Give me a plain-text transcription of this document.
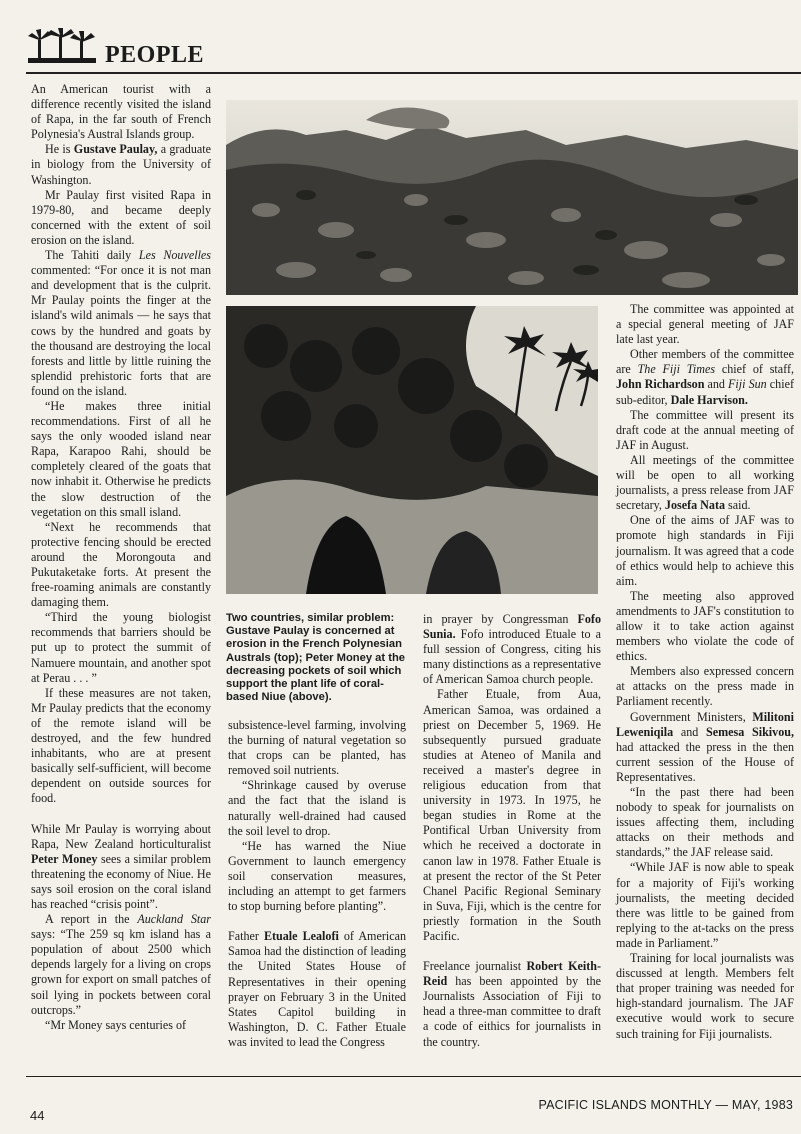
PEOPLE
Two countries, similar problem: Gustave Paulay is concerned at erosion in the French Polynesian Australs (top); Peter Money at the decreasing pockets of soil which support the plant life of coral-based Niue (above).

An American tourist with a difference recently visited the island of Rapa, in the far south of French Polynesia's Austral Islands group.

He is Gustave Paulay, a graduate in biology from the University of Washington.

Mr Paulay first visited Rapa in 1979-80, and became deeply concerned with the extent of soil erosion on the island.

The Tahiti daily Les Nouvelles commented: “For once it is not man and development that is the culprit. Mr Paulay points the finger at the island's wild animals — he says that cows by the hundred and goats by the thousand are destroying the local forests and little by little ruining the splendid prehistoric forts that are found on the island.

“He makes three initial recommendations. First of all he says the only wooded island near Rapa, Karapoo Rahi, should be completely cleared of the goats that now inhabit it. Otherwise he predicts the slow destruction of the vegetation on this small island.

“Next he recommends that protective fencing should be erected around the Morongouta and Pukutaketake forts. At present the free-roaming animals are constantly damaging them.

“Third the young biologist recommends that barriers should be put up to protect the summit of Namuere mountain, and another spot at Perau . . . ”

If these measures are not taken, Mr Paulay predicts that the economy of the remote island will be destroyed, and the few hundred inhabitants, who are at present basically self-sufficient, will become dependent on outside sources for food.

While Mr Paulay is worrying about Rapa, New Zealand horticulturalist Peter Money sees a similar problem threatening the economy of Niue. He says soil erosion on the coral island has reached “crisis point”.

A report in the Auckland Star says: “The 259 sq km island has a population of about 2500 which depends largely for a living on crops grown for export on small patches of soil lying in pockets between coral outcrops.”

“Mr Money says centuries of

subsistence-level farming, involving the burning of natural vegetation so that crops can be planted, has removed soil nutrients.

“Shrinkage caused by overuse and the fact that the island is naturally well-drained had caused the soil level to drop.

“He has warned the Niue Government to launch emergency soil conservation measures, including an attempt to get farmers to stop burning before planting”.

Father Etuale Lealofi of American Samoa had the distinction of leading the United States House of Representatives in their opening prayer on February 3 in the United States Capitol building in Washington, D. C. Father Etuale was invited to lead the Congress

in prayer by Congressman Fofo Sunia. Fofo introduced Etuale to a full session of Congress, citing his many distinctions as a representative of American Samoa church people.

Father Etuale, from Aua, American Samoa, was ordained a priest on December 5, 1969. He subsequently pursued graduate studies at Ateneo of Manila and received a master's degree in religious education from that university in 1973. In 1975, he began studies in Rome at the Pontifical Urban University from which he received a doctorate in canon law in 1978. Father Etuale is at present the rector of the St Peter Chanel Pacific Regional Seminary in Suva, Fiji, which is the centre for priestly formation in the South Pacific.

Freelance journalist Robert Keith-Reid has been appointed by the Journalists Association of Fiji to head a three-man committee to draft a code of eithics for journalists in the country.

The committee was appointed at a special general meeting of JAF late last year.

Other members of the committee are The Fiji Times chief of staff, John Richardson and Fiji Sun chief sub-editor, Dale Harvison.

The committee will present its draft code at the annual meeting of JAF in August.

All meetings of the committee will be open to all working journalists, a press release from JAF secretary, Josefa Nata said.

One of the aims of JAF was to promote high standards in Fiji journalism. It was agreed that a code of ethics would help to achieve this aim.

The meeting also approved amendments to JAF's constitution to allow it to take action against members who violate the code of ethics.

Members also expressed concern at attacks on the press made in Parliament recently.

Government Ministers, Militoni Leweniqila and Semesa Sikivou, had attacked the press in the then current session of the House of Representatives.

“In the past there had been nobody to speak for journalists on issues affecting them, including attacks on their methods and standards,” the JAF release said.

“While JAF is now able to speak for a majority of Fiji's working journalists, the meeting decided there was little to be gained from replying to the at-tacks on the press made in Parliament.”

Training for local journalists was discussed at length. Members felt that proper training was needed for high-standard journalism. The JAF executive would work to secure such training for Fiji journalists.

44
PACIFIC ISLANDS MONTHLY — MAY, 1983
